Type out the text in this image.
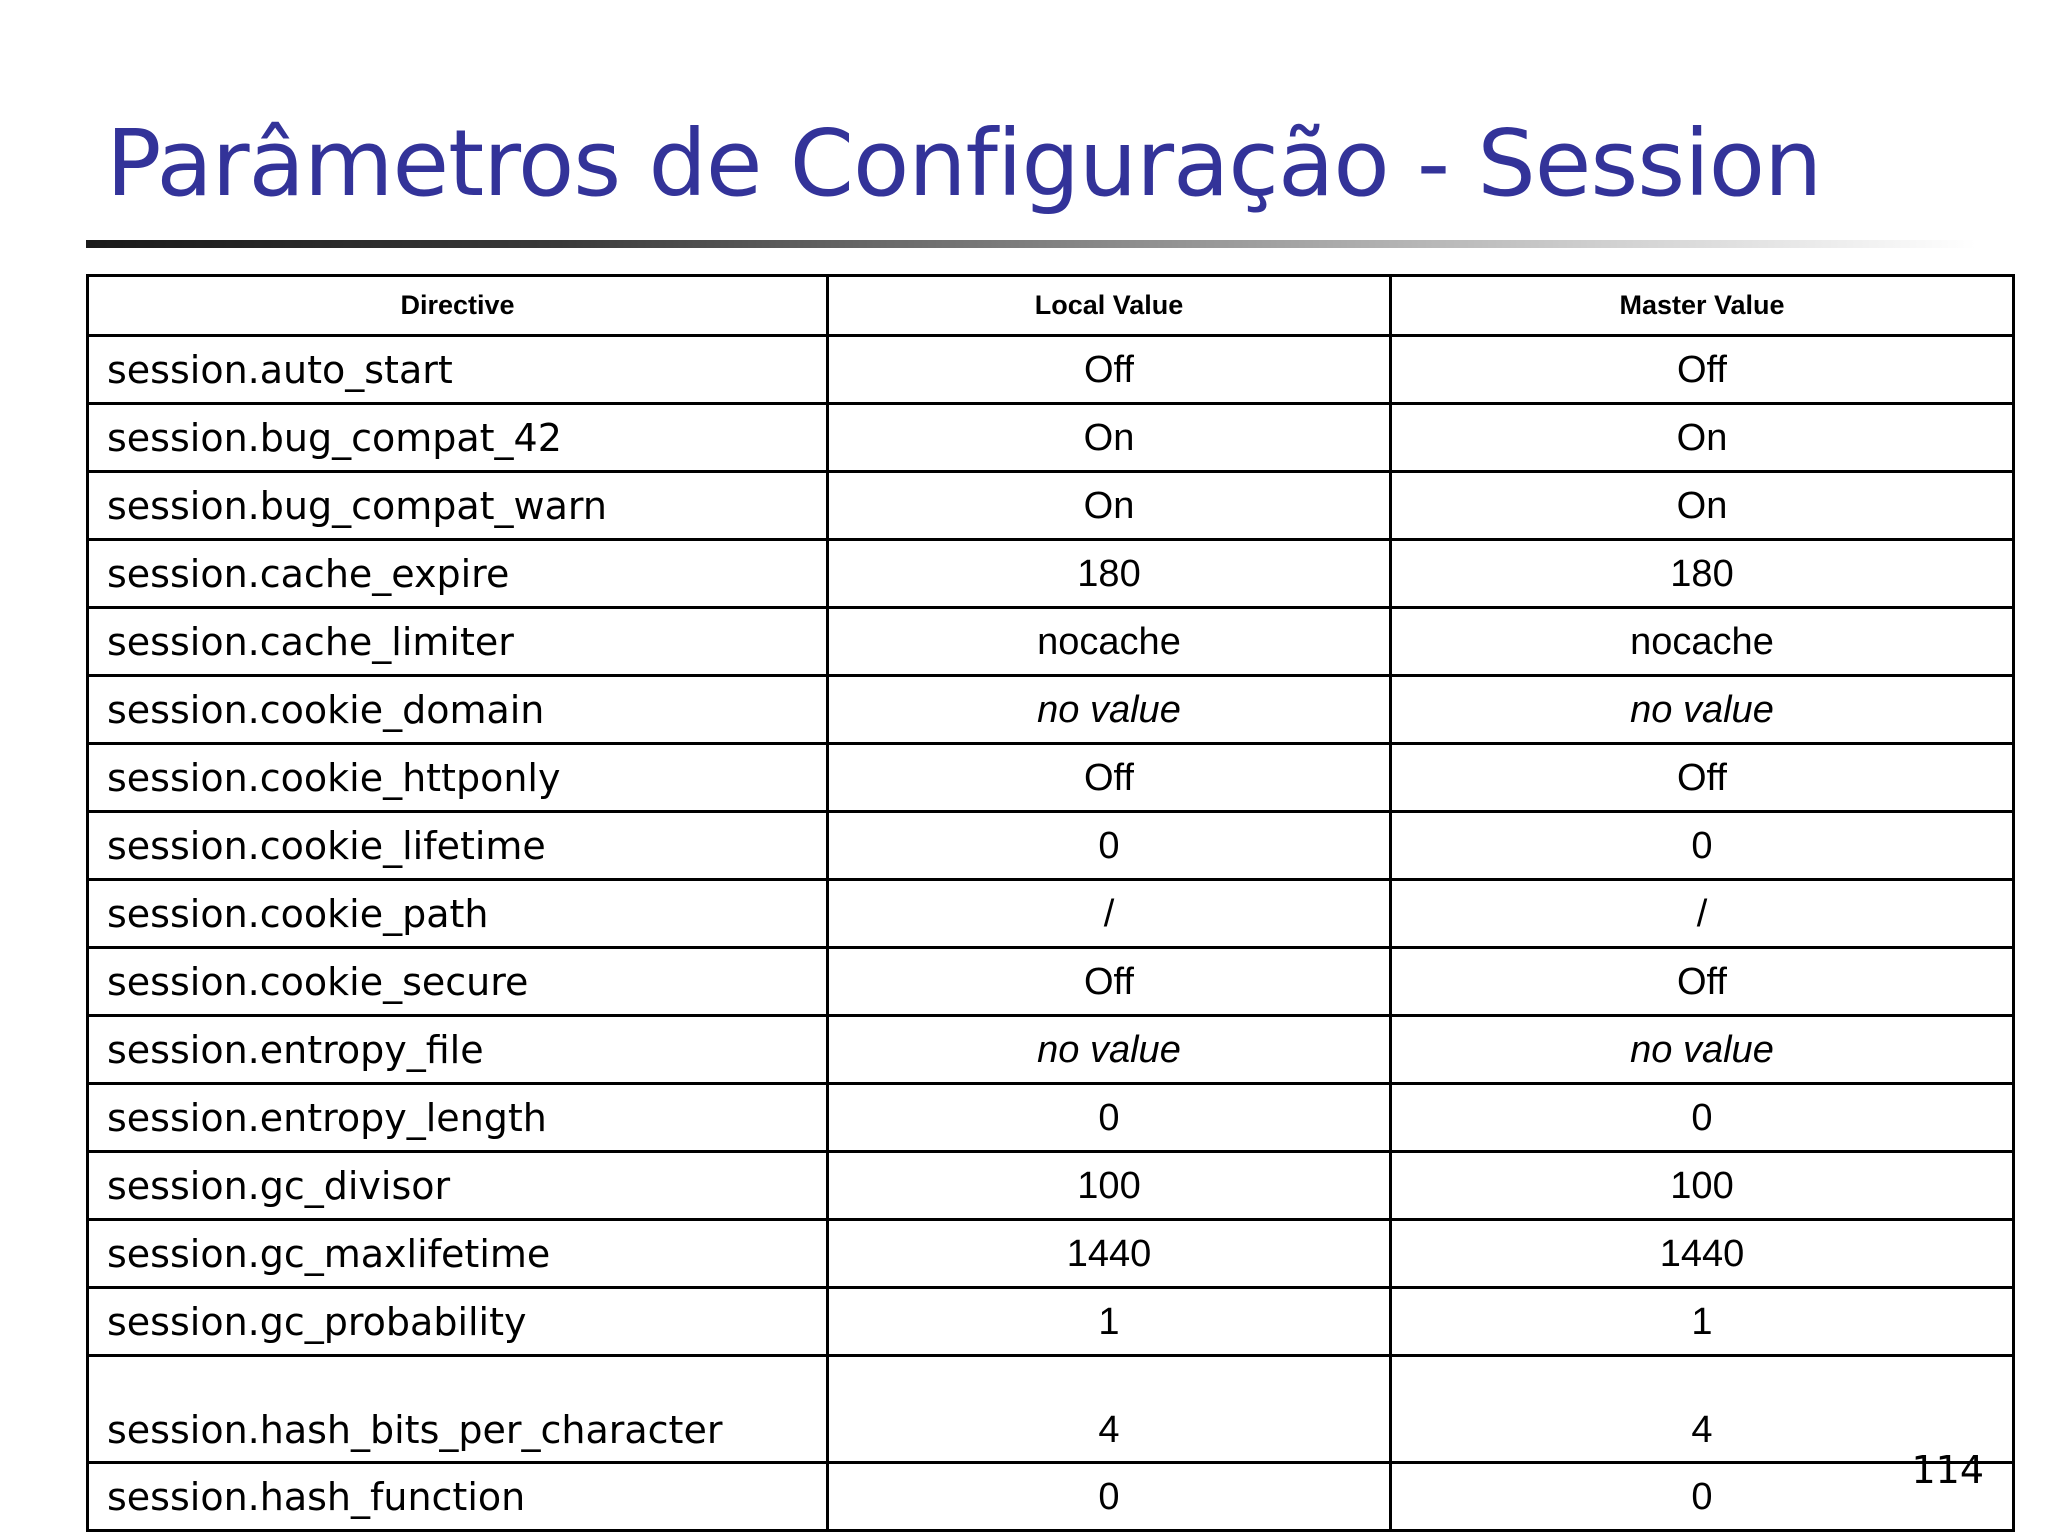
Parâmetros de Configuração - Session
Directive	Local Value	Master Value
session.auto_start	Off	Off
session.bug_compat_42	On	On
session.bug_compat_warn	On	On
session.cache_expire	180	180
session.cache_limiter	nocache	nocache
session.cookie_domain	no value	no value
session.cookie_httponly	Off	Off
session.cookie_lifetime	0	0
session.cookie_path	/	/
session.cookie_secure	Off	Off
session.entropy_file	no value	no value
session.entropy_length	0	0
session.gc_divisor	100	100
session.gc_maxlifetime	1440	1440
session.gc_probability	1	1
session.hash_bits_per_character	4	4
session.hash_function	0	0
114
